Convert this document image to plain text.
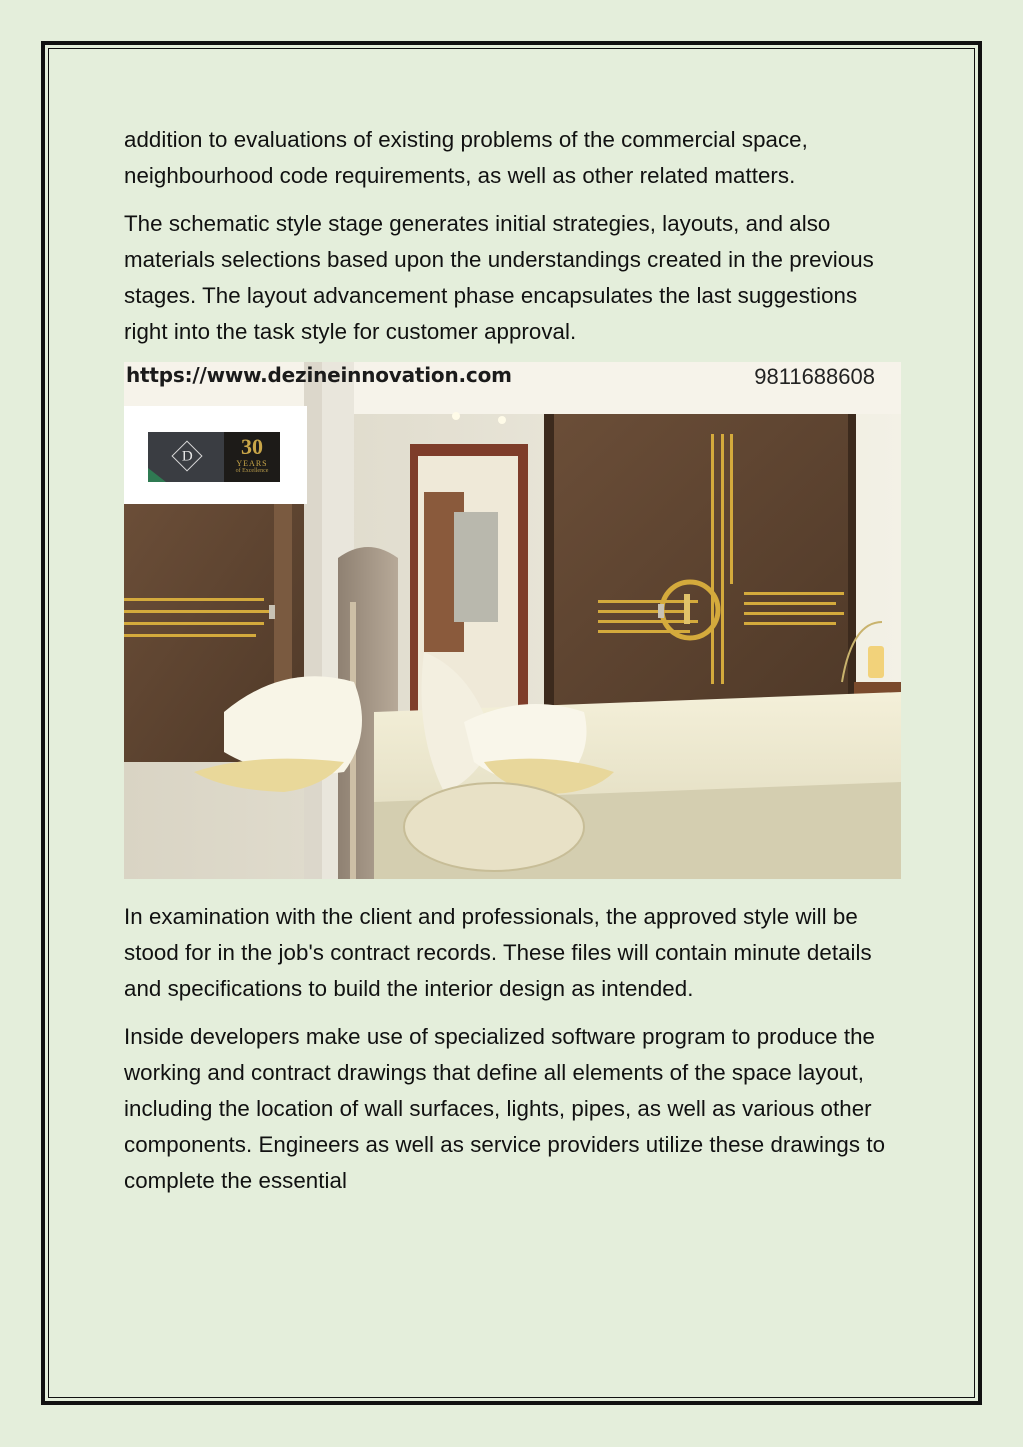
addition to evaluations of existing problems of the commercial space, neighbourhood code requirements, as well as other related matters.

The schematic style stage generates initial strategies, layouts, and also materials selections based upon the understandings created in the previous stages. The layout advancement phase encapsulates the last suggestions right into the task style for customer approval.

https://www.dezineinnovation.com	9811688608
D	30
YEARS
of Excellence

In examination with the client and professionals, the approved style will be stood for in the job's contract records. These files will contain minute details and specifications to build the interior design as intended.

Inside developers make use of specialized software program to produce the working and contract drawings that define all elements of the space layout, including the location of wall surfaces, lights, pipes, as well as various other components. Engineers as well as service providers utilize these drawings to complete the essential
